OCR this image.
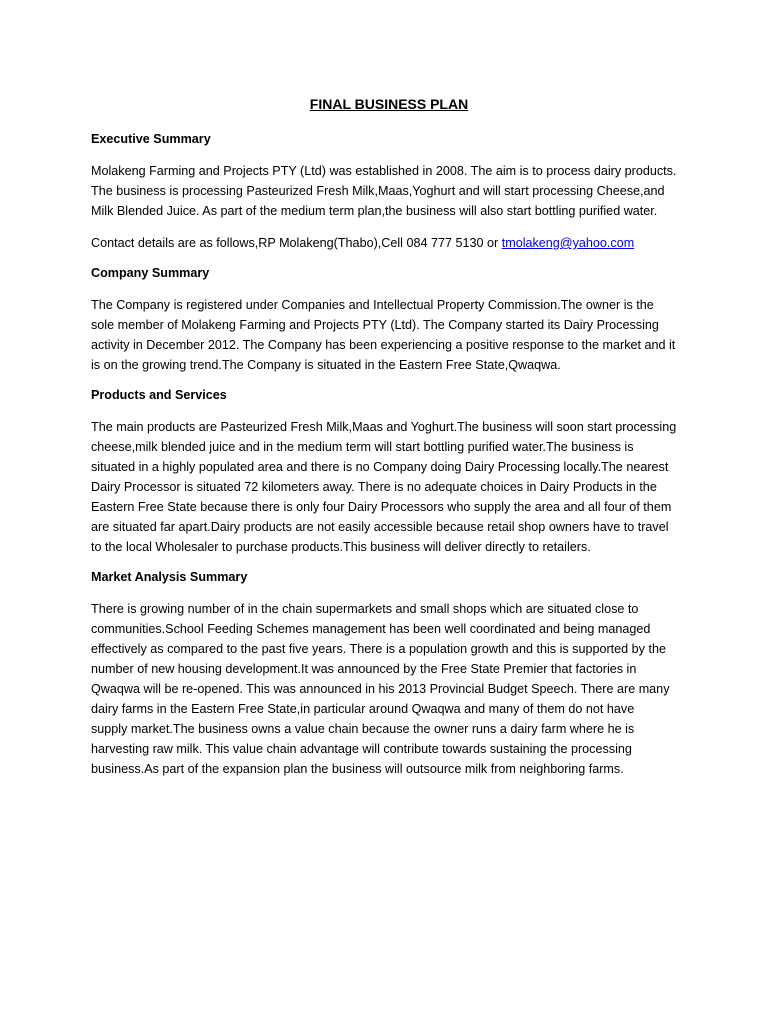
FINAL BUSINESS PLAN
Executive Summary
Molakeng Farming and Projects PTY (Ltd) was established in 2008. The aim is to process dairy products.
The business is processing Pasteurized Fresh Milk,Maas,Yoghurt and will start processing Cheese,and
Milk Blended Juice. As part of the medium term plan,the business will also start bottling purified water.
Contact details are as follows,RP Molakeng(Thabo),Cell 084 777 5130 or tmolakeng@yahoo.com
Company Summary
The Company is registered under Companies and Intellectual Property Commission.The owner is the
sole member of Molakeng Farming and Projects PTY (Ltd). The Company started its Dairy Processing
activity in December 2012. The Company has been experiencing a positive response to the market and it
is on the growing trend.The Company is situated in the Eastern Free State,Qwaqwa.
Products and Services
The main products are Pasteurized Fresh Milk,Maas and Yoghurt.The business will soon start processing
cheese,milk blended juice and in the medium term will start bottling purified water.The business is
situated in a highly populated area and there is no Company doing Dairy Processing locally.The nearest
Dairy Processor is situated 72 kilometers away. There is no adequate choices in Dairy Products in the
Eastern Free State because there is only four Dairy Processors who supply the area and all four of them
are situated far apart.Dairy products are not easily accessible because retail shop owners have to travel
to the local Wholesaler to purchase products.This business will deliver directly to retailers.
Market Analysis Summary
There is growing number of in the chain supermarkets and small shops which are situated close to
communities.School Feeding Schemes management has been well coordinated and being managed
effectively as compared to the past five years. There is a population growth and this is supported by the
number of new housing development.It was announced by the Free State Premier that factories in
Qwaqwa will be re-opened. This was announced in his 2013 Provincial Budget Speech. There are many
dairy farms in the Eastern Free State,in particular around Qwaqwa and many of them do not have
supply market.The business owns a value chain because the owner runs a dairy farm where he is
harvesting raw milk. This value chain advantage will contribute towards sustaining the processing
business.As part of the expansion plan the business will outsource milk from neighboring farms.
